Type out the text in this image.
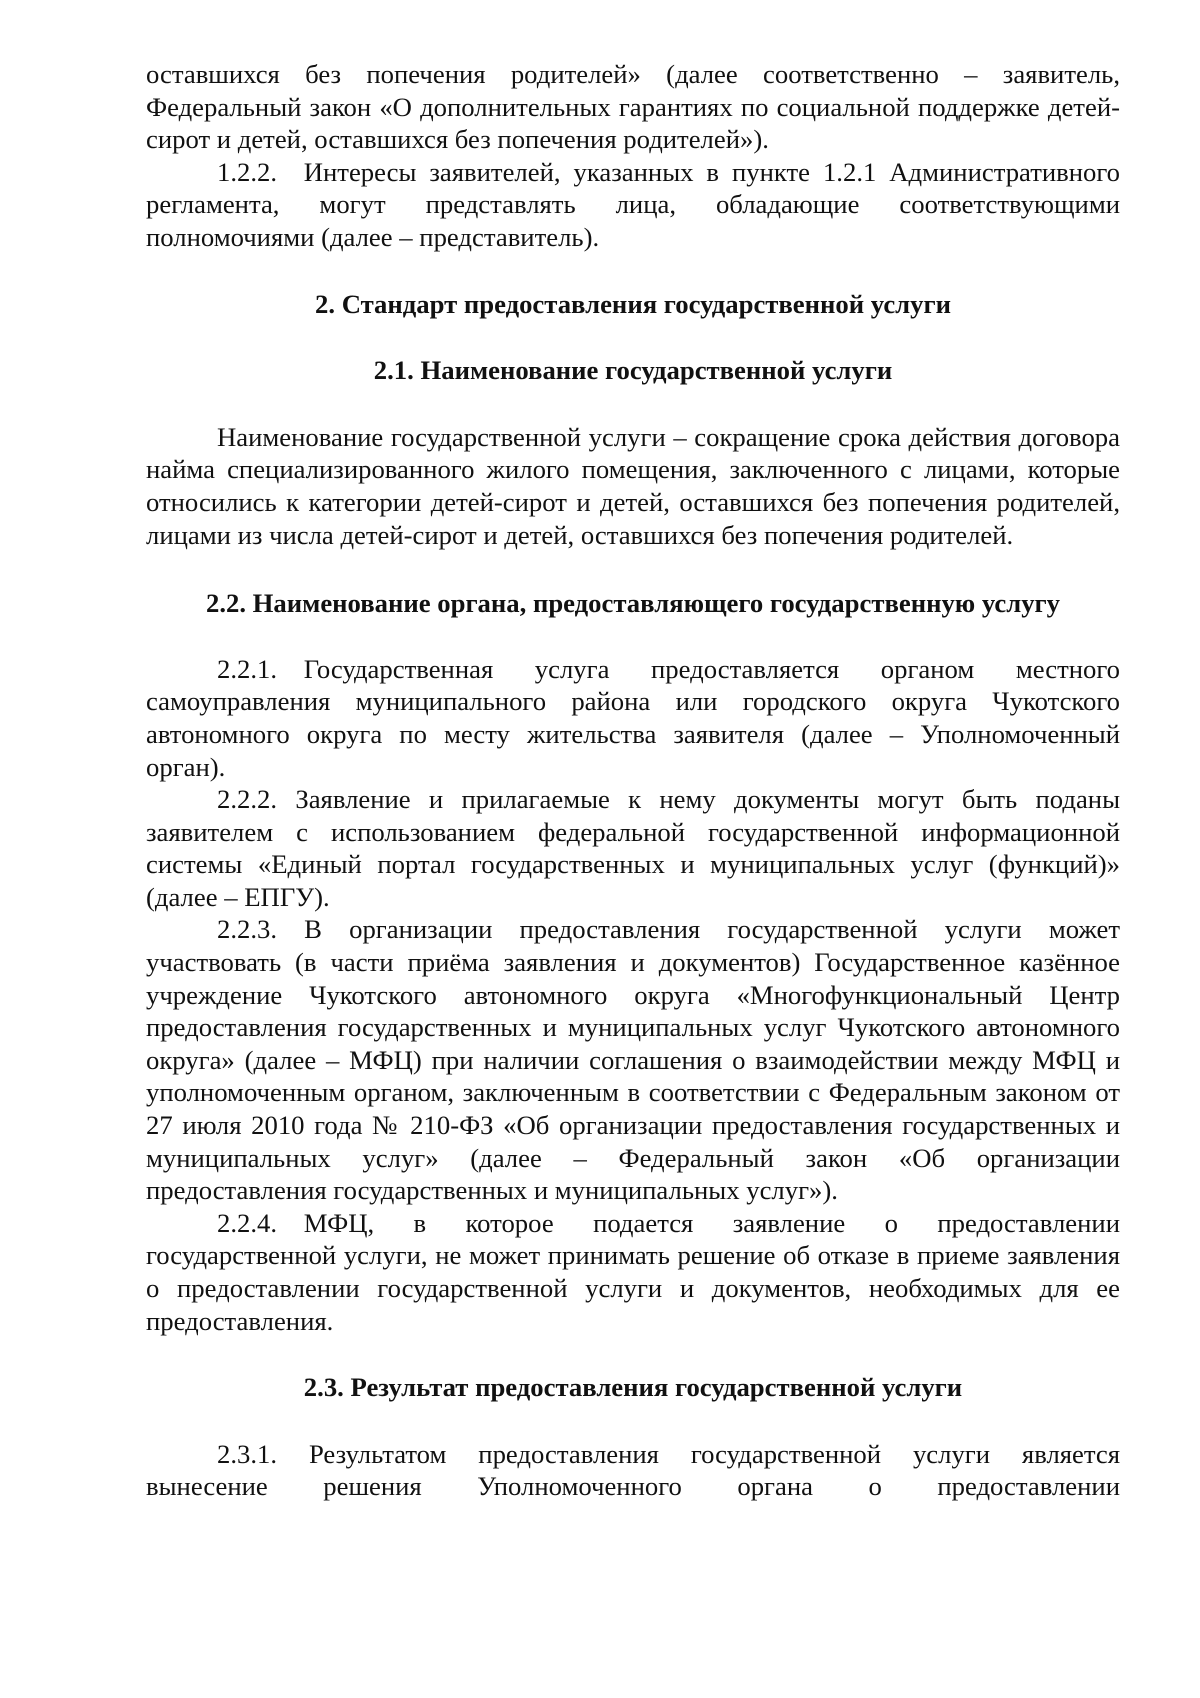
оставшихся без попечения родителей» (далее соответственно – заявитель, Федеральный закон «О дополнительных гарантиях по социальной поддержке детей-сирот и детей, оставшихся без попечения родителей»).

1.2.2. Интересы заявителей, указанных в пункте 1.2.1 Административного регламента, могут представлять лица, обладающие соответствующими полномочиями (далее – представитель).

2. Стандарт предоставления государственной услуги
2.1. Наименование государственной услуги

Наименование государственной услуги – сокращение срока действия договора найма специализированного жилого помещения, заключенного с лицами, которые относились к категории детей-сирот и детей, оставшихся без попечения родителей, лицами из числа детей-сирот и детей, оставшихся без попечения родителей.

2.2. Наименование органа, предоставляющего государственную услугу

2.2.1. Государственная услуга предоставляется органом местного самоуправления муниципального района или городского округа Чукотского автономного округа по месту жительства заявителя (далее – Уполномоченный орган).

2.2.2. Заявление и прилагаемые к нему документы могут быть поданы заявителем с использованием федеральной государственной информационной системы «Единый портал государственных и муниципальных услуг (функций)» (далее – ЕПГУ).

2.2.3. В организации предоставления государственной услуги может участвовать (в части приёма заявления и документов) Государственное казённое учреждение Чукотского автономного округа «Многофункциональный Центр предоставления государственных и муниципальных услуг Чукотского автономного округа» (далее – МФЦ) при наличии соглашения о взаимодействии между МФЦ и уполномоченным органом, заключенным в соответствии с Федеральным законом от 27 июля 2010 года № 210-ФЗ «Об организации предоставления государственных и муниципальных услуг» (далее – Федеральный закон «Об организации предоставления государственных и муниципальных услуг»).

2.2.4. МФЦ, в которое подается заявление о предоставлении государственной услуги, не может принимать решение об отказе в приеме заявления о предоставлении государственной услуги и документов, необходимых для ее предоставления.

2.3. Результат предоставления государственной услуги

2.3.1. Результатом предоставления государственной услуги является вынесение решения Уполномоченного органа о предоставлении
